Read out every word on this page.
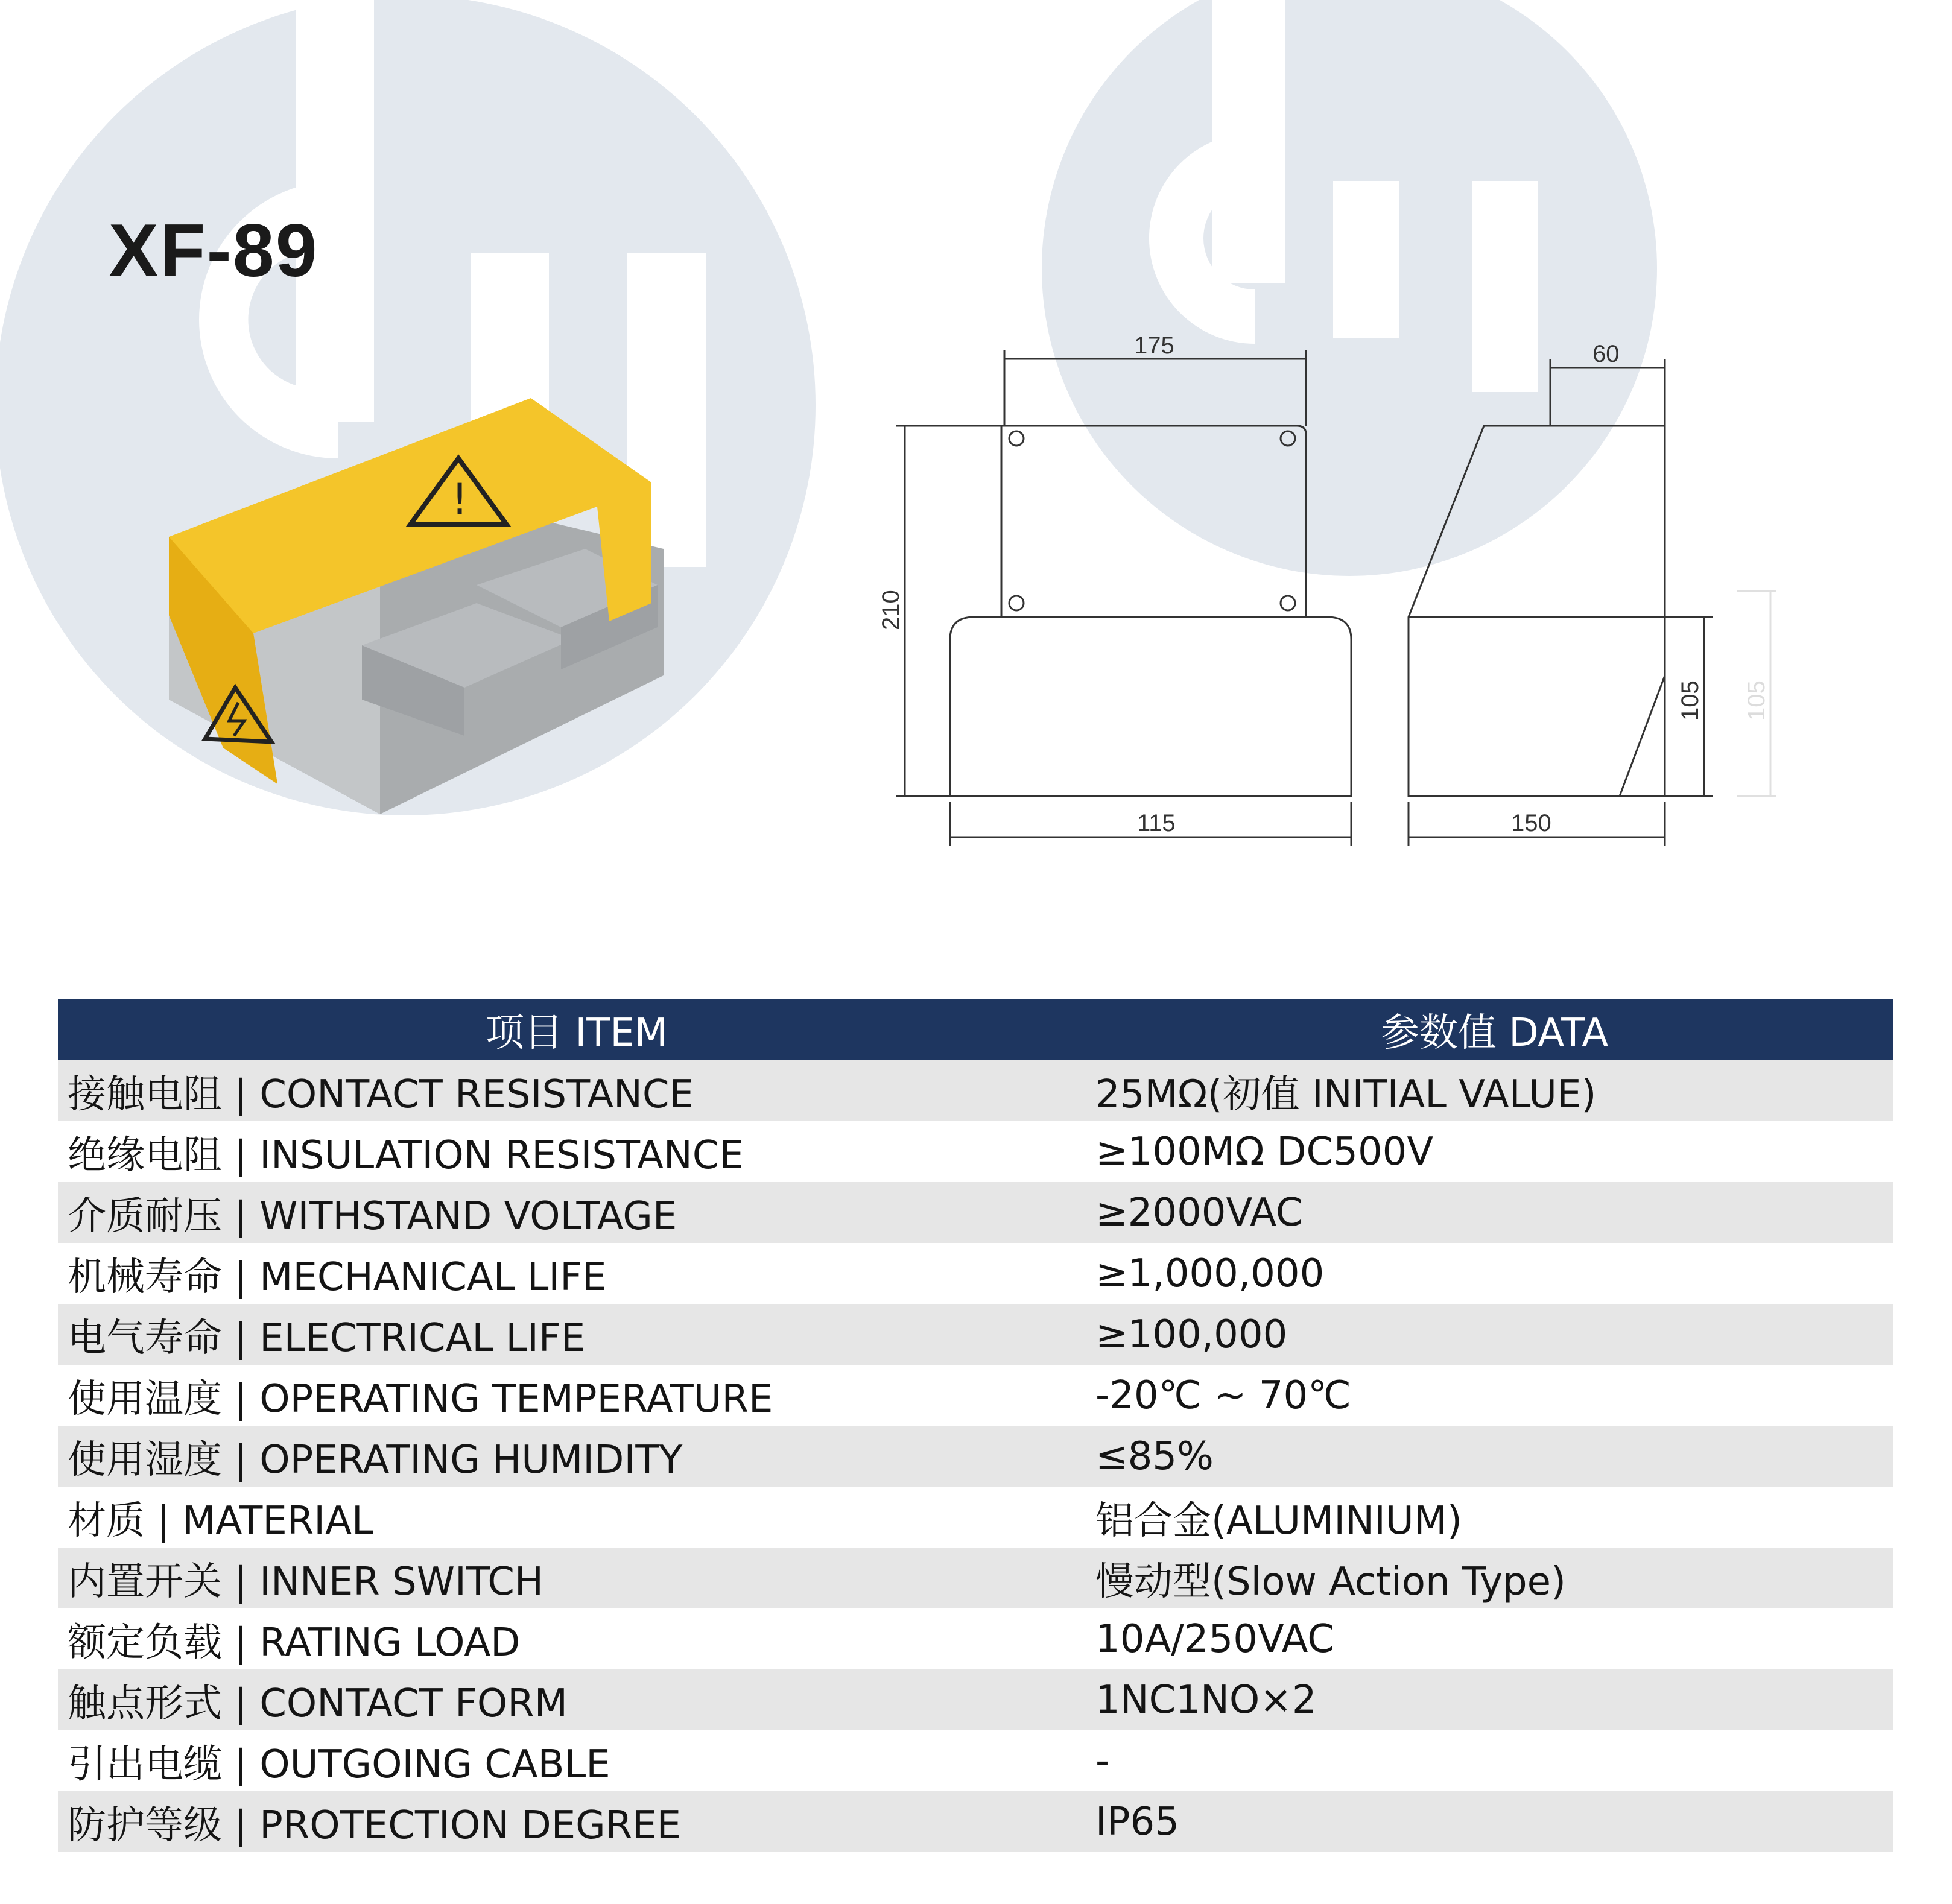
XF-89
!
175
115
60
150
210
105 105
项目 ITEM	参数值 DATA
接触电阻 | CONTACT RESISTANCE	25MΩ(初值 INITIAL VALUE)
绝缘电阻 | INSULATION RESISTANCE	≥100MΩ DC500V
介质耐压 | WITHSTAND VOLTAGE	≥2000VAC
机械寿命 | MECHANICAL LIFE	≥1,000,000
电气寿命 | ELECTRICAL LIFE	≥100,000
使用温度 | OPERATING TEMPERATURE	-20℃ ~ 70℃
使用湿度 | OPERATING HUMIDITY	≤85%
材质 | MATERIAL	铝合金(ALUMINIUM)
内置开关 | INNER SWITCH	慢动型(Slow Action Type)
额定负载 | RATING LOAD	10A/250VAC
触点形式 | CONTACT FORM	1NC1NO×2
引出电缆 | OUTGOING CABLE	-
防护等级 | PROTECTION DEGREE	IP65
